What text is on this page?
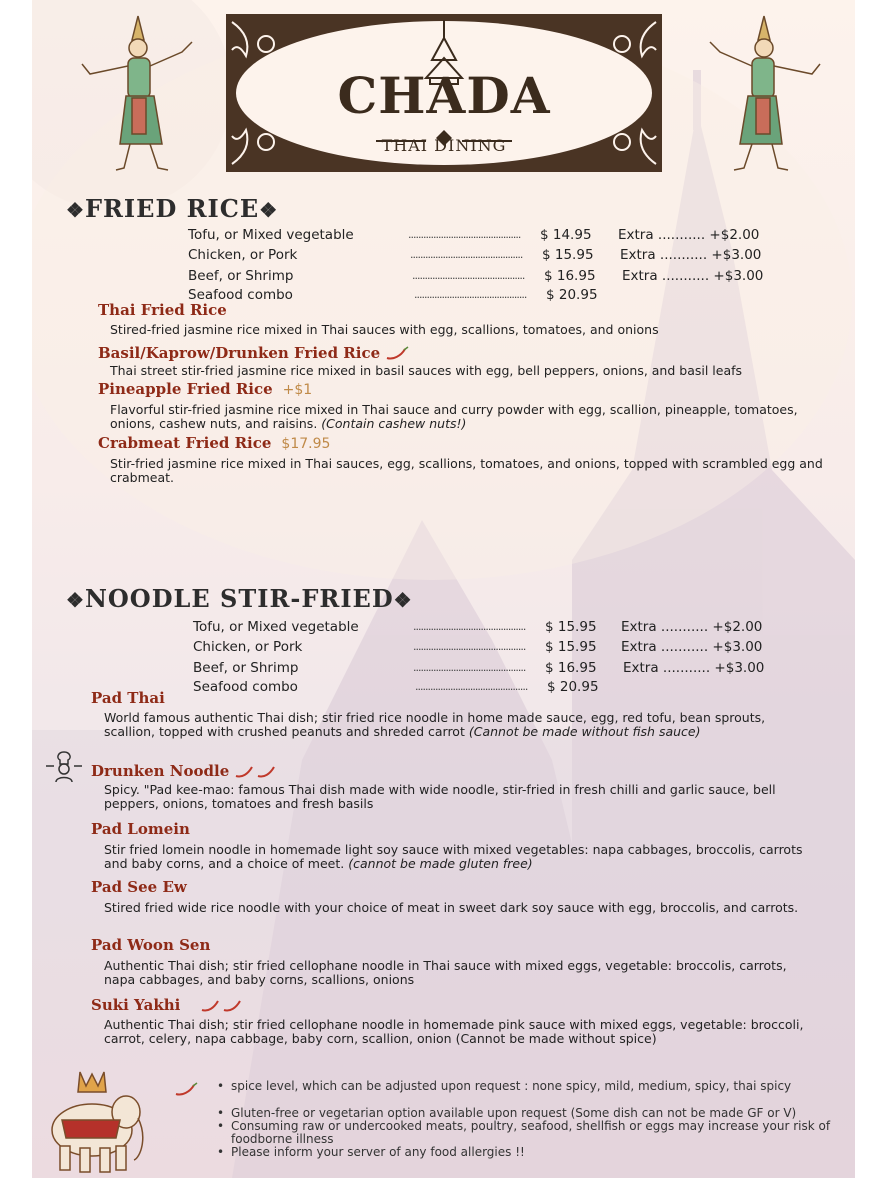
CHADA
THAI DINING
❖FRIED RICE❖
Tofu, or Mixed vegetable	............................................. $ 14.95 Extra ........... +$2.00
Chicken, or Pork	............................................. $ 15.95 Extra ........... +$3.00
Beef, or Shrimp	............................................. $ 16.95 Extra ........... +$3.00
Seafood combo	............................................. $ 20.95
Thai Fried Rice
Stired-fried jasmine rice mixed in Thai sauces with egg, scallions, tomatoes, and onions
Basil/Kaprow/Drunken Fried Rice
Thai street stir-fried jasmine rice mixed in basil sauces with egg, bell peppers, onions, and basil leafs
Pineapple Fried Rice +$1
Flavorful stir-fried jasmine rice mixed in Thai sauce and curry powder with egg, scallion, pineapple, tomatoes, onions, cashew nuts, and raisins. (Contain cashew nuts!)
Crabmeat Fried Rice $17.95
Stir-fried jasmine rice mixed in Thai sauces, egg, scallions, tomatoes, and onions, topped with scrambled egg and crabmeat.
❖NOODLE STIR-FRIED❖
Tofu, or Mixed vegetable	............................................. $ 15.95 Extra ........... +$2.00
Chicken, or Pork	............................................. $ 15.95 Extra ........... +$3.00
Beef, or Shrimp	............................................. $ 16.95 Extra ........... +$3.00
Seafood combo	............................................. $ 20.95
Pad Thai
World famous authentic Thai dish; stir fried rice noodle in home made sauce, egg, red tofu, bean sprouts, scallion, topped with crushed peanuts and shreded carrot (Cannot be made without fish sauce)
Drunken Noodle
Spicy. "Pad kee-mao: famous Thai dish made with wide noodle, stir-fried in fresh chilli and garlic sauce, bell peppers, onions, tomatoes and fresh basils
Pad Lomein
Stir fried lomein noodle in homemade light soy sauce with mixed vegetables: napa cabbages, broccolis, carrots and baby corns, and a choice of meet. (cannot be made gluten free)
Pad See Ew
Stired fried wide rice noodle with your choice of meat in sweet dark soy sauce with egg, broccolis, and carrots.
Pad Woon Sen
Authentic Thai dish; stir fried cellophane noodle in Thai sauce with mixed eggs, vegetable: broccolis, carrots, napa cabbages, and baby corns, scallions, onions
Suki Yakhi
Authentic Thai dish; stir fried cellophane noodle in homemade pink sauce with mixed eggs, vegetable: broccoli, carrot, celery, napa cabbage, baby corn, scallion, onion (Cannot be made without spice)
• spice level, which can be adjusted upon request : none spicy, mild, medium, spicy, thai spicy
• Gluten-free or vegetarian option available upon request (Some dish can not be made GF or V)
• Consuming raw or undercooked meats, poultry, seafood, shellfish or eggs may increase your risk of foodborne illness
• Please inform your server of any food allergies !!
